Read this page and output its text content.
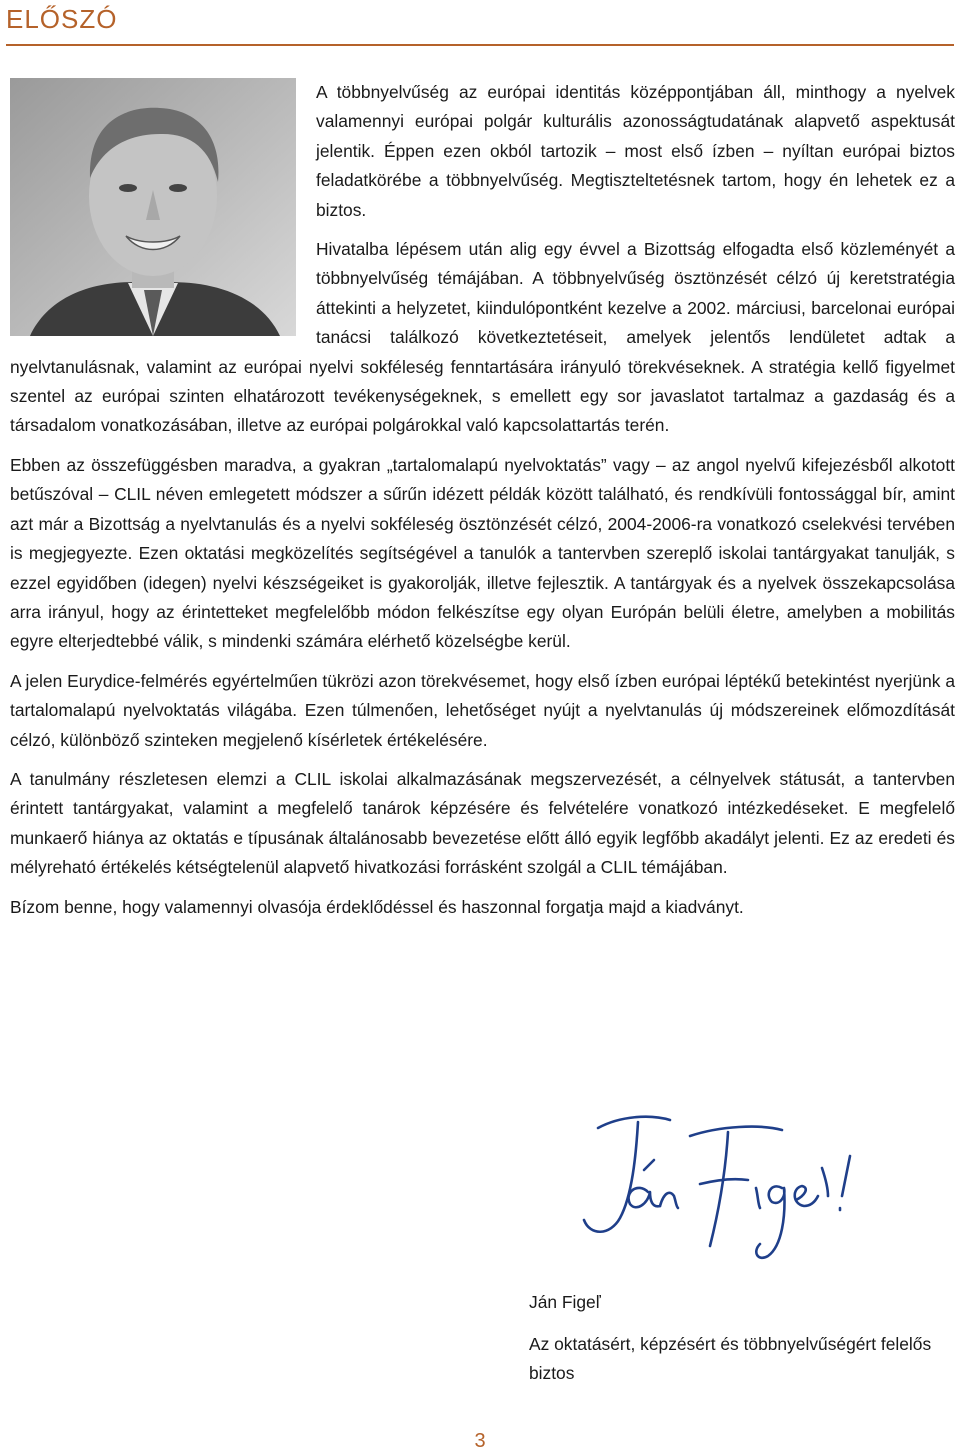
ELŐSZÓ

A többnyelvűség az európai identitás középpontjában áll, minthogy a nyelvek valamennyi európai polgár kulturális azonosságtudatának alapvető aspektusát jelentik. Éppen ezen okból tartozik – most első ízben – nyíltan európai biztos feladatkörébe a többnyelvűség. Megtiszteltetésnek tartom, hogy én lehetek ez a biztos.

Hivatalba lépésem után alig egy évvel a Bizottság elfogadta első közleményét a többnyelvűség témájában. A többnyelvűség ösztönzését célzó új keretstratégia áttekinti a helyzetet, kiindulópontként kezelve a 2002. márciusi, barcelonai európai tanácsi találkozó következtetéseit, amelyek jelentős lendületet adtak a nyelvtanulásnak, valamint az európai nyelvi sokféleség fenntartására irányuló törekvéseknek. A stratégia kellő figyelmet szentel az európai szinten elhatározott tevékenységeknek, s emellett egy sor javaslatot tartalmaz a gazdaság és a társadalom vonatkozásában, illetve az európai polgárokkal való kapcsolattartás terén.

Ebben az összefüggésben maradva, a gyakran „tartalomalapú nyelvoktatás” vagy – az angol nyelvű kifejezésből alkotott betűszóval – CLIL néven emlegetett módszer a sűrűn idézett példák között található, és rendkívüli fontossággal bír, amint azt már a Bizottság a nyelvtanulás és a nyelvi sokféleség ösztönzését célzó, 2004-2006-ra vonatkozó cselekvési tervében is megjegyezte. Ezen oktatási megközelítés segítségével a tanulók a tantervben szereplő iskolai tantárgyakat tanulják, s ezzel egyidőben (idegen) nyelvi készségeiket is gyakorolják, illetve fejlesztik. A tantárgyak és a nyelvek összekapcsolása arra irányul, hogy az érintetteket megfelelőbb módon felkészítse egy olyan Európán belüli életre, amelyben a mobilitás egyre elterjedtebbé válik, s mindenki számára elérhető közelségbe kerül.

A jelen Eurydice-felmérés egyértelműen tükrözi azon törekvésemet, hogy első ízben európai léptékű betekintést nyerjünk a tartalomalapú nyelvoktatás világába. Ezen túlmenően, lehetőséget nyújt a nyelvtanulás új módszereinek előmozdítását célzó, különböző szinteken megjelenő kísérletek értékelésére.

A tanulmány részletesen elemzi a CLIL iskolai alkalmazásának megszervezését, a célnyelvek státusát, a tantervben érintett tantárgyakat, valamint a megfelelő tanárok képzésére és felvételére vonatkozó intézkedéseket. E megfelelő munkaerő hiánya az oktatás e típusának általánosabb bevezetése előtt álló egyik legfőbb akadályt jelenti. Ez az eredeti és mélyreható értékelés kétségtelenül alapvető hivatkozási forrásként szolgál a CLIL témájában.

Bízom benne, hogy valamennyi olvasója érdeklődéssel és haszonnal forgatja majd a kiadványt.

Ján Figeľ
Az oktatásért, képzésért és többnyelvűségért felelős biztos
3
